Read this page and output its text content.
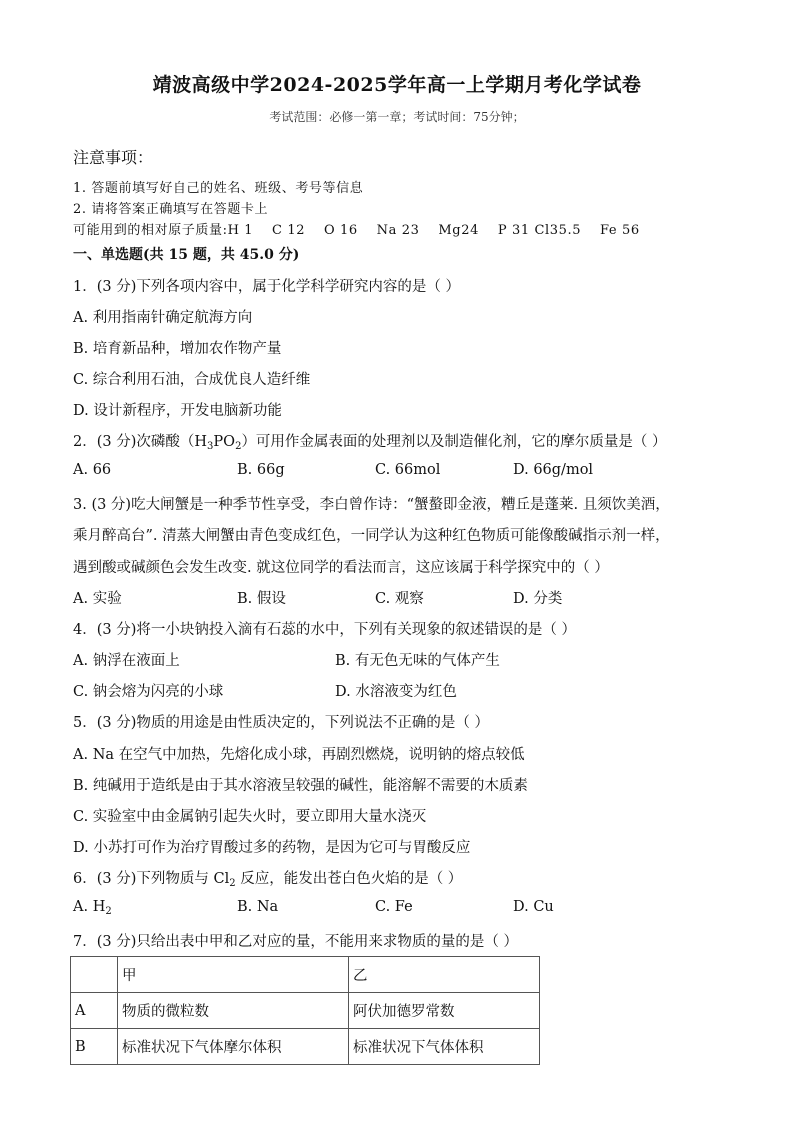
靖波高级中学2024-2025学年高一上学期月考化学试卷
考试范围：必修一第一章；考试时间：75分钟；
注意事项：
1. 答题前填写好自己的姓名、班级、考号等信息
2. 请将答案正确填写在答题卡上
可能用到的相对原子质量:H 1    C 12    O 16    Na 23    Mg24    P 31 Cl35.5    Fe 56
一、单选题(共 15 题，共 45.0 分)
1．(3 分)下列各项内容中，属于化学科学研究内容的是（ ）
A. 利用指南针确定航海方向
B. 培育新品种，增加农作物产量
C. 综合利用石油，合成优良人造纤维
D. 设计新程序，开发电脑新功能
2．(3 分)次磷酸$(H_3PO_2)$可用作金属表面的处理剂以及制造催化剂，它的摩尔质量是（ ）
A. 66	B. 66g	C. 66mol	D. 66g/mol
3. (3 分)吃大闸蟹是一种季节性享受，李白曾作诗：“蟹螯即金液，糟丘是蓬莱. 且须饮美酒，
乘月醉高台”. 清蒸大闸蟹由青色变成红色，一同学认为这种红色物质可能像酸碱指示剂一样，
遇到酸或碱颜色会发生改变. 就这位同学的看法而言，这应该属于科学探究中的（ ）
A. 实验	B. 假设	C. 观察	D. 分类
4．(3 分)将一小块钠投入滴有石蕊的水中，下列有关现象的叙述错误的是（ ）
A. 钠浮在液面上	B. 有无色无味的气体产生
C. 钠会熔为闪亮的小球	D. 水溶液变为红色
5．(3 分)物质的用途是由性质决定的，下列说法不正确的是（ ）
A. Na 在空气中加热，先熔化成小球，再剧烈燃烧，说明钠的熔点较低
B. 纯碱用于造纸是由于其水溶液呈较强的碱性，能溶解不需要的木质素
C. 实验室中由金属钠引起失火时，要立即用大量水浇灭
D. 小苏打可作为治疗胃酸过多的药物，是因为它可与胃酸反应
6．(3 分)下列物质与 $Cl_2$ 反应，能发出苍白色火焰的是（ ）
A. $H_2$	B. Na	C. Fe	D. Cu
7．(3 分)只给出表中甲和乙对应的量，不能用来求物质的量的是（ ）
	甲	乙
A	物质的微粒数	阿伏加德罗常数
B	标准状况下气体摩尔体积	标准状况下气体体积
